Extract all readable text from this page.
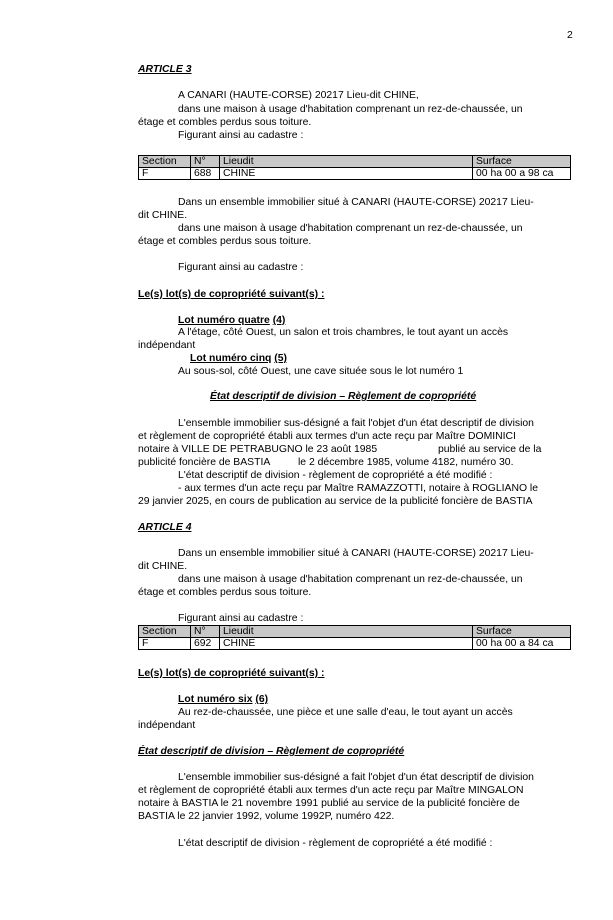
2
ARTICLE 3
A CANARI (HAUTE-CORSE) 20217 Lieu-dit CHINE,
dans une maison à usage d'habitation comprenant un rez-de-chaussée, un
étage et combles perdus sous toiture.
Figurant ainsi au cadastre :
Section	N°	Lieudit	Surface
F	688	CHINE	00 ha 00 a 98 ca
Dans un ensemble immobilier situé à CANARI (HAUTE-CORSE) 20217 Lieu-
dit CHINE.
dans une maison à usage d'habitation comprenant un rez-de-chaussée, un
étage et combles perdus sous toiture.
Figurant ainsi au cadastre :
Le(s) lot(s) de copropriété suivant(s) :
Lot numéro quatre (4)
A l'étage, côté Ouest, un salon et trois chambres, le tout ayant un accès
indépendant
Lot numéro cinq (5)
Au sous-sol, côté Ouest, une cave située sous le lot numéro 1
État descriptif de division – Règlement de copropriété
L'ensemble immobilier sus-désigné a fait l'objet d'un état descriptif de division
et règlement de copropriété établi aux termes d'un acte reçu par Maître DOMINICI
notaire à VILLE DE PETRABUGNO le 23 août 1985	publié au service de la
publicité foncière de BASTIA	le 2 décembre 1985, volume 4182, numéro 30.
L'état descriptif de division - règlement de copropriété a été modifié :
- aux termes d'un acte reçu par Maître RAMAZZOTTI, notaire à ROGLIANO le
29 janvier 2025, en cours de publication au service de la publicité foncière de BASTIA
ARTICLE 4
Dans un ensemble immobilier situé à CANARI (HAUTE-CORSE) 20217 Lieu-
dit CHINE.
dans une maison à usage d'habitation comprenant un rez-de-chaussée, un
étage et combles perdus sous toiture.
Figurant ainsi au cadastre :
Section	N°	Lieudit	Surface
F	692	CHINE	00 ha 00 a 84 ca
Le(s) lot(s) de copropriété suivant(s) :
Lot numéro six (6)
Au rez-de-chaussée, une pièce et une salle d'eau, le tout ayant un accès
indépendant
État descriptif de division – Règlement de copropriété
L'ensemble immobilier sus-désigné a fait l'objet d'un état descriptif de division
et règlement de copropriété établi aux termes d'un acte reçu par Maître MINGALON
notaire à BASTIA le 21 novembre 1991 publié au service de la publicité foncière de
BASTIA le 22 janvier 1992, volume 1992P, numéro 422.
L'état descriptif de division - règlement de copropriété a été modifié :
